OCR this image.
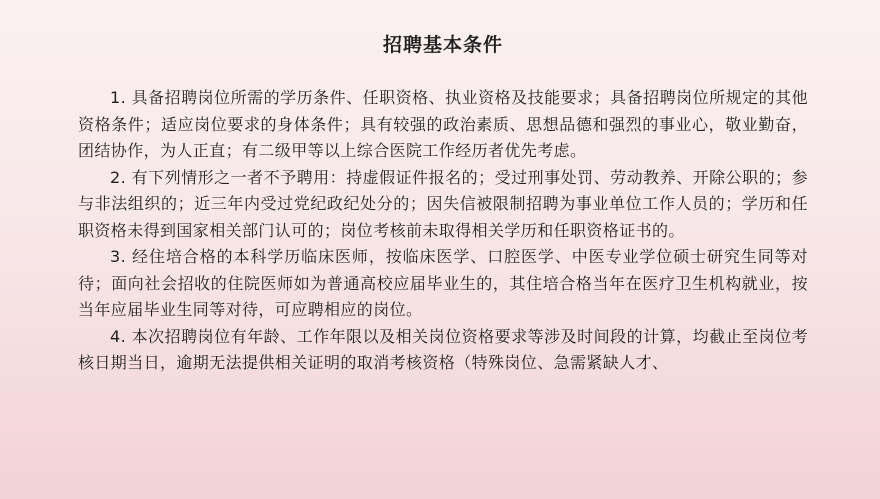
招聘基本条件

1. 具备招聘岗位所需的学历条件、任职资格、执业资格及技能要求；具备招聘岗位所规定的其他资格条件；适应岗位要求的身体条件；具有较强的政治素质、思想品德和强烈的事业心，敬业勤奋，团结协作，为人正直；有二级甲等以上综合医院工作经历者优先考虑。

2. 有下列情形之一者不予聘用：持虚假证件报名的；受过刑事处罚、劳动教养、开除公职的；参与非法组织的；近三年内受过党纪政纪处分的；因失信被限制招聘为事业单位工作人员的；学历和任职资格未得到国家相关部门认可的；岗位考核前未取得相关学历和任职资格证书的。

3. 经住培合格的本科学历临床医师，按临床医学、口腔医学、中医专业学位硕士研究生同等对待；面向社会招收的住院医师如为普通高校应届毕业生的，其住培合格当年在医疗卫生机构就业，按当年应届毕业生同等对待，可应聘相应的岗位。

4. 本次招聘岗位有年龄、工作年限以及相关岗位资格要求等涉及时间段的计算，均截止至岗位考核日期当日，逾期无法提供相关证明的取消考核资格（特殊岗位、急需紧缺人才、
